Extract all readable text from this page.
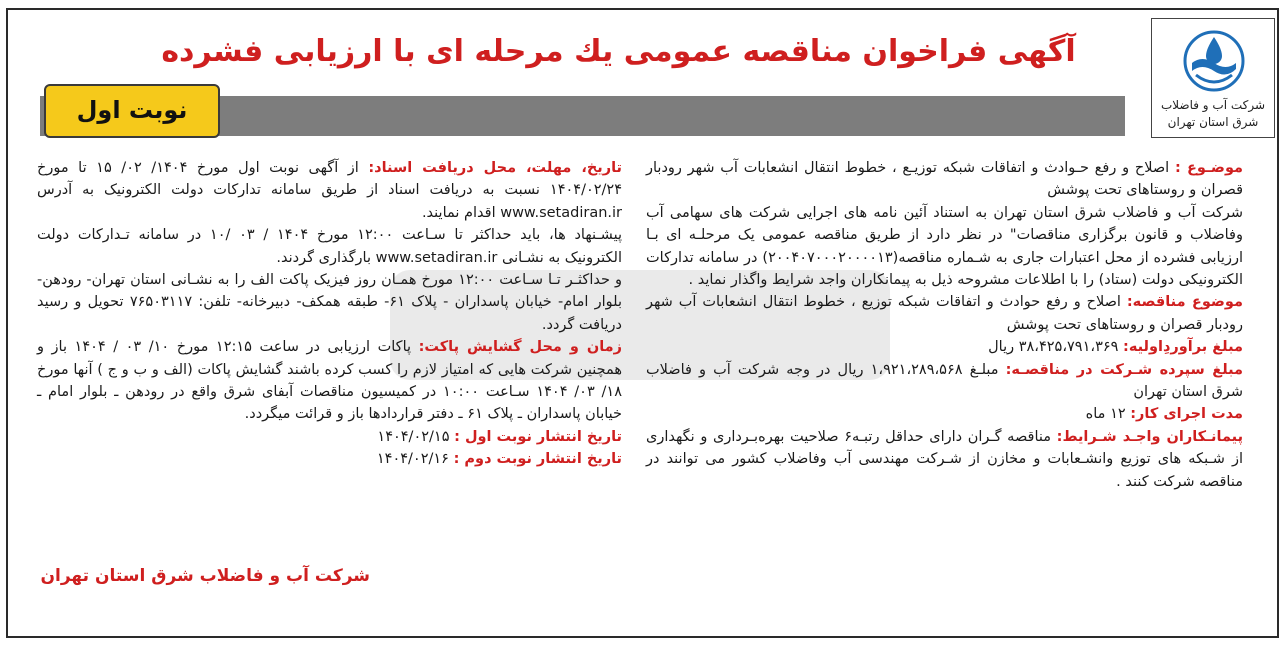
شرکت آب و فاضلاب
شرق استان تهران
آگهی فراخوان مناقصه عمومی یك مرحله ای با ارزیابی فشرده
نوبت اول

موضـوع : اصلاح و رفع حـوادث و اتفاقات شبکه توزیـع ، خطوط انتقال انشعابات آب شهر رودبار قصران و روستاهای تحت پوشش

شرکت آب و فاضلاب شرق استان تهران به استناد آئین نامه های اجرایی شرکت های سهامی آب وفاضلاب و قانون برگزاری مناقصات" در نظر دارد از طریق مناقصه عمومی یک مرحلـه ای بـا ارزیابی فشرده از محل اعتبارات جاری به شـماره مناقصه(۲۰۰۴۰۷۰۰۰۲۰۰۰۰۱۳) در سامانه تدارکات الکترونیکی دولت (ستاد) را با اطلاعات مشروحه ذیل به پیمانکاران واجد شرایط واگذار نماید .

موضوع مناقصه: اصلاح و رفع حوادث و اتفاقات شبکه توزیع ، خطوط انتقال انشعابات آب شهر رودبار قصران و روستاهای تحت پوشش

مبلغ برآوردِاولیه: ۳۸،۴۲۵،۷۹۱،۳۶۹ ریال

مبلغ سپرده شـرکت در مناقصـه: مبلـغ ۱،۹۲۱،۲۸۹،۵۶۸ ریال در وجه شرکت آب و فاضلاب شرق استان تهران

مدت اجرای کار: ۱۲ ماه

پیمانـکاران واجـد شـرایط: مناقصه گـران دارای حداقل رتبـه۶ صلاحیت بهره‌بـرداری و نگهداری از شـبکه های توزیع وانشـعابات و مخازن از شـرکت مهندسی آب وفاضلاب کشور می توانند در مناقصه شرکت کنند .

تاریخ، مهلت، محل دریافت اسناد: از آگهی نوبت اول مورخ ۱۴۰۴/ ۰۲/ ۱۵ تا مورخ ۱۴۰۴/۰۲/۲۴ نسبت به دریافت اسناد از طریق سامانه تدارکات دولت الکترونیک به آدرس www.setadiran.ir اقدام نمایند.

پیشـنهاد ها، باید حداکثر تا سـاعت ۱۲:۰۰ مورخ ۱۴۰۴ / ۰۳ /۱۰ در سامانه تـدارکات دولت الکترونیک به نشـانی www.setadiran.ir بارگذاری گردند.

و حداکثـر تـا سـاعت ۱۲:۰۰ مورخ همـان روز فیزیک پاکت الف را به نشـانی استان تهران- رودهن- بلوار امام- خیابان پاسداران - پلاک ۶۱- طبقه همکف- دبیرخانه- تلفن: ۷۶۵۰۳۱۱۷ تحویل و رسید دریافت گردد.

زمان و محل گشایش پاکت: پاکات ارزیابی در ساعت ۱۲:۱۵ مورخ ۱۰/ ۰۳ / ۱۴۰۴ باز و همچنین شرکت هایی که امتیاز لازم را کسب کرده باشند گشایش پاکات (الف و ب و ج ) آنها مورخ ۱۸/ ۰۳/ ۱۴۰۴ سـاعت ۱۰:۰۰ در کمیسیون مناقصات آبفای شرق واقع در رودهن ـ بلوار امام ـ خیابان پاسداران ـ پلاک ۶۱ ـ دفتر قراردادها باز و قرائت میگردد.

تاریخ انتشار نوبت اول : ۱۴۰۴/۰۲/۱۵

تاریخ انتشار نوبت دوم : ۱۴۰۴/۰۲/۱۶

شرکت آب و فاضلاب شرق استان تهران
